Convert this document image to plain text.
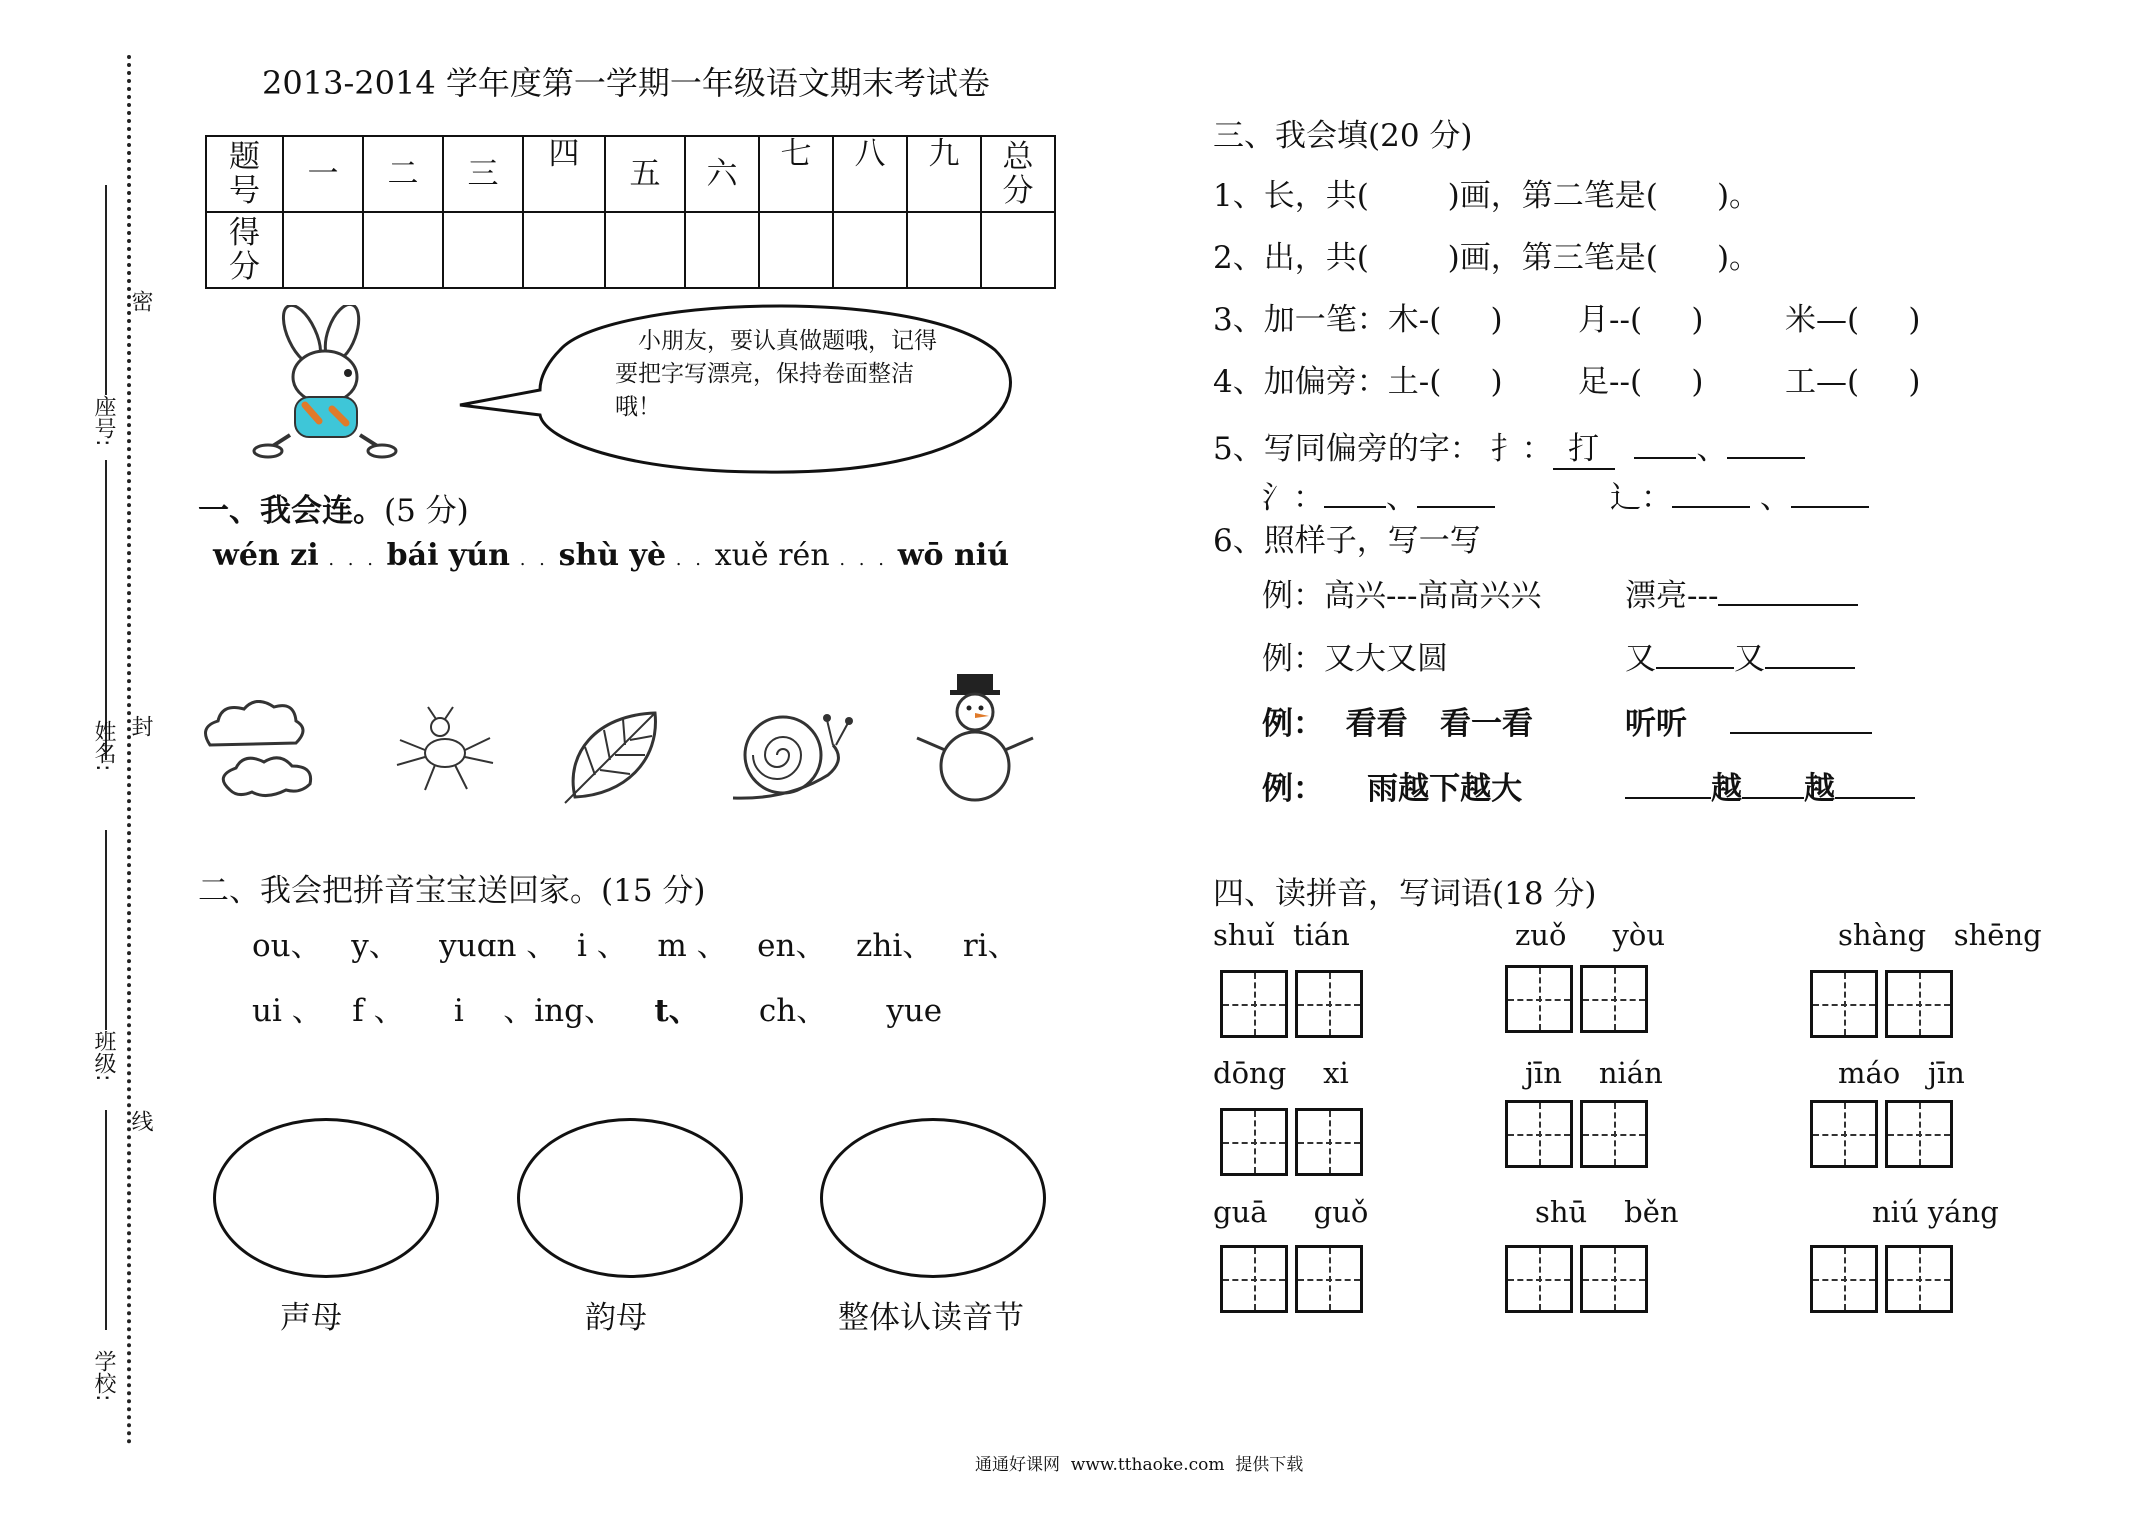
座号:
姓名:
班级:
学校:
密
封
线
2013-2014 学年度第一学期一年级语文期末考试卷
题号	一	二	三	四	五	六	七	八	九	总分
得分										
小朋友，要认真做题哦，记得要把字写漂亮，保持卷面整洁哦！
一、我会连。(5 分)
wén zi . . . bái yún . . shù yè . . xuě rén . . . wō niú
二、我会把拼音宝宝送回家。(15 分)
ou、 y、 yuɑn 、 i 、 m 、 en、 zhi、 ri、
ui 、 f 、 i 、ing、 t、 ch、 yue
声母	韵母	整体认读音节
三、我会填(20 分)
1、长，共(        )画，第二笔是(      )。
2、出，共(        )画，第三笔是(      )。
3、加一笔：木-(     ) 月--(     )	米—(     )
4、加偏旁：土-(     ) 足--(     )	工—(     )
5、写同偏旁的字： 扌： 打	、
氵： 、	辶：	、
6、照样子，写一写
例：高兴---高高兴兴	漂亮---
例：又大又圆	又	又
例： 看看   看一看	听听
例： 雨越下越大	越 越
四、读拼音，写词语(18 分)
shuǐ tián	zuǒ yòu	shàng shēng
dōng xi	jīn nián	máo jīn
guā guǒ	shū běn	niú yáng
通通好课网  www.tthaoke.com  提供下载
